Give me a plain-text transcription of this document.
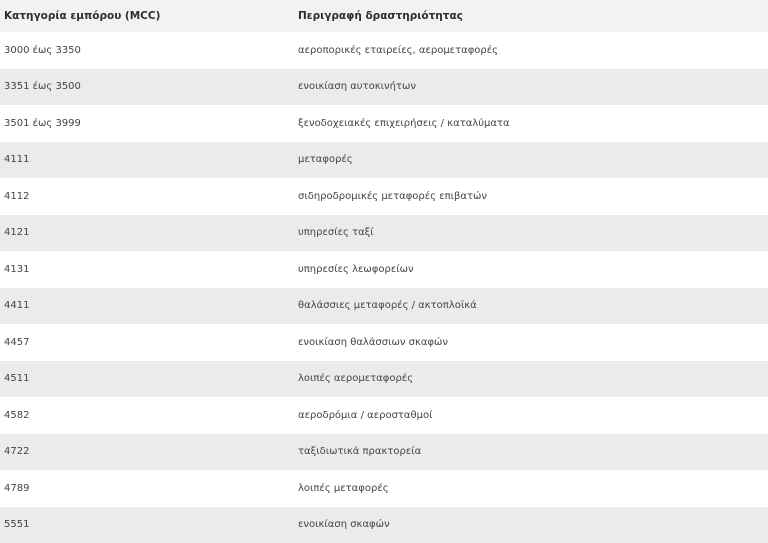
Κατηγορία εμπόρου (MCC)	Περιγραφή δραστηριότητας
3000 έως 3350	αεροπορικές εταιρείες, αερομεταφορές
3351 έως 3500	ενοικίαση αυτοκινήτων
3501 έως 3999	ξενοδοχειακές επιχειρήσεις / καταλύματα
4111	μεταφορές
4112	σιδηροδρομικές μεταφορές επιβατών
4121	υπηρεσίες ταξί
4131	υπηρεσίες λεωφορείων
4411	θαλάσσιες μεταφορές / ακτοπλοϊκά
4457	ενοικίαση θαλάσσιων σκαφών
4511	λοιπές αερομεταφορές
4582	αεροδρόμια / αεροσταθμοί
4722	ταξιδιωτικά πρακτορεία
4789	λοιπές μεταφορές
5551	ενοικίαση σκαφών
